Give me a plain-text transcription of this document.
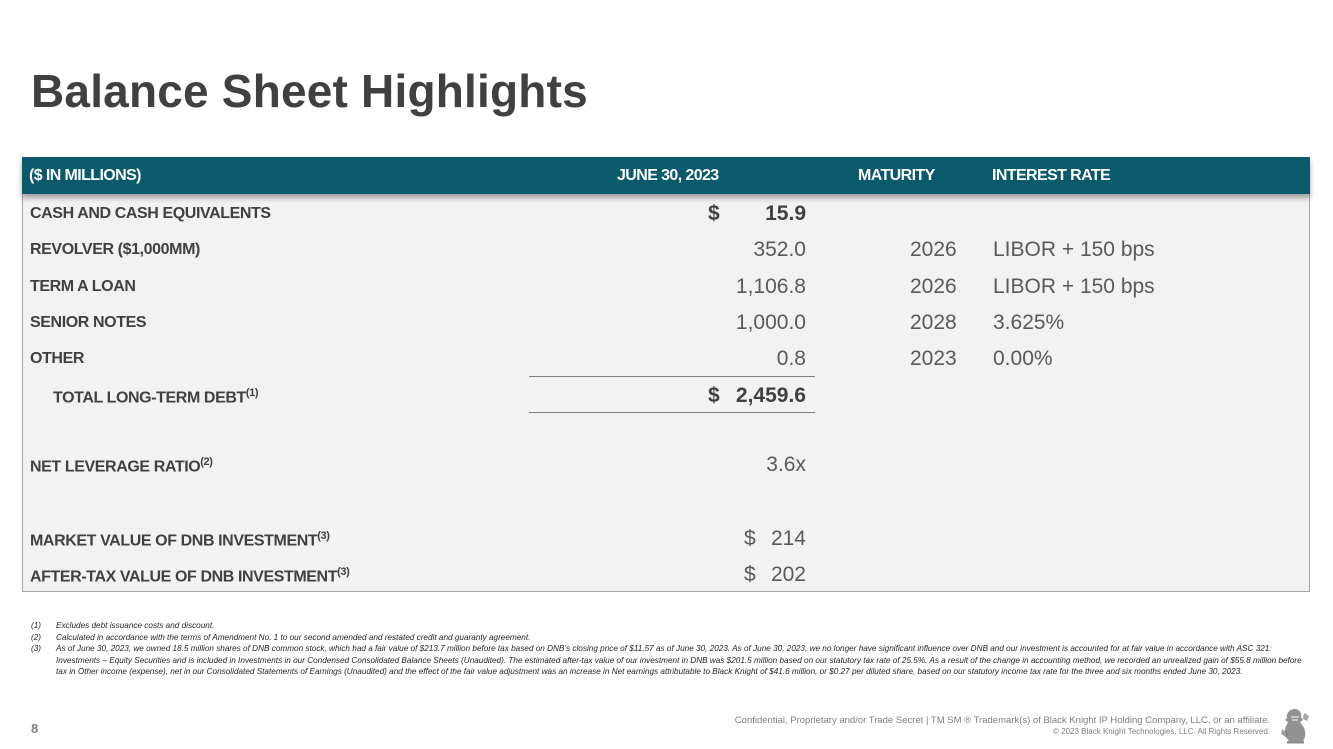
Balance Sheet Highlights
($ IN MILLIONS)	JUNE 30, 2023	MATURITY	INTEREST RATE
CASH AND CASH EQUIVALENTS	$ 15.9
REVOLVER ($1,000MM)	352.0	2026 LIBOR + 150 bps
TERM A LOAN	1,106.8	2026 LIBOR + 150 bps
SENIOR NOTES	1,000.0	2028 3.625%
OTHER	0.8	2023 0.00%
TOTAL LONG-TERM DEBT$^{(1)}$	$ 2,459.6
NET LEVERAGE RATIO$^{(2)}$	3.6x
MARKET VALUE OF DNB INVESTMENT$^{(3)}$	$ 214
AFTER-TAX VALUE OF DNB INVESTMENT$^{(3)}$	$ 202
(1) Excludes debt issuance costs and discount.
(2) Calculated in accordance with the terms of Amendment No. 1 to our second amended and restated credit and guaranty agreement.
(3) As of June 30, 2023, we owned 18.5 million shares of DNB common stock, which had a fair value of $213.7 million before tax based on DNB’s closing price of $11.57 as of June 30, 2023. As of June 30, 2023, we no longer have significant influence over DNB and our investment is accounted for at fair value in accordance with ASC 321: Investments – Equity Securities and is included in Investments in our Condensed Consolidated Balance Sheets (Unaudited). The estimated after-tax value of our investment in DNB was $201.5 million based on our statutory tax rate of 25.5%. As a result of the change in accounting method, we recorded an unrealized gain of $55.8 million before tax in Other income (expense), net in our Consolidated Statements of Earnings (Unaudited) and the effect of the fair value adjustment was an increase in Net earnings attributable to Black Knight of $41.6 million, or $0.27 per diluted share, based on our statutory income tax rate for the three and six months ended June 30, 2023.
8
Confidential, Proprietary and/or Trade Secret | TM SM ® Trademark(s) of Black Knight IP Holding Company, LLC, or an affiliate.
© 2023 Black Knight Technologies, LLC. All Rights Reserved.
